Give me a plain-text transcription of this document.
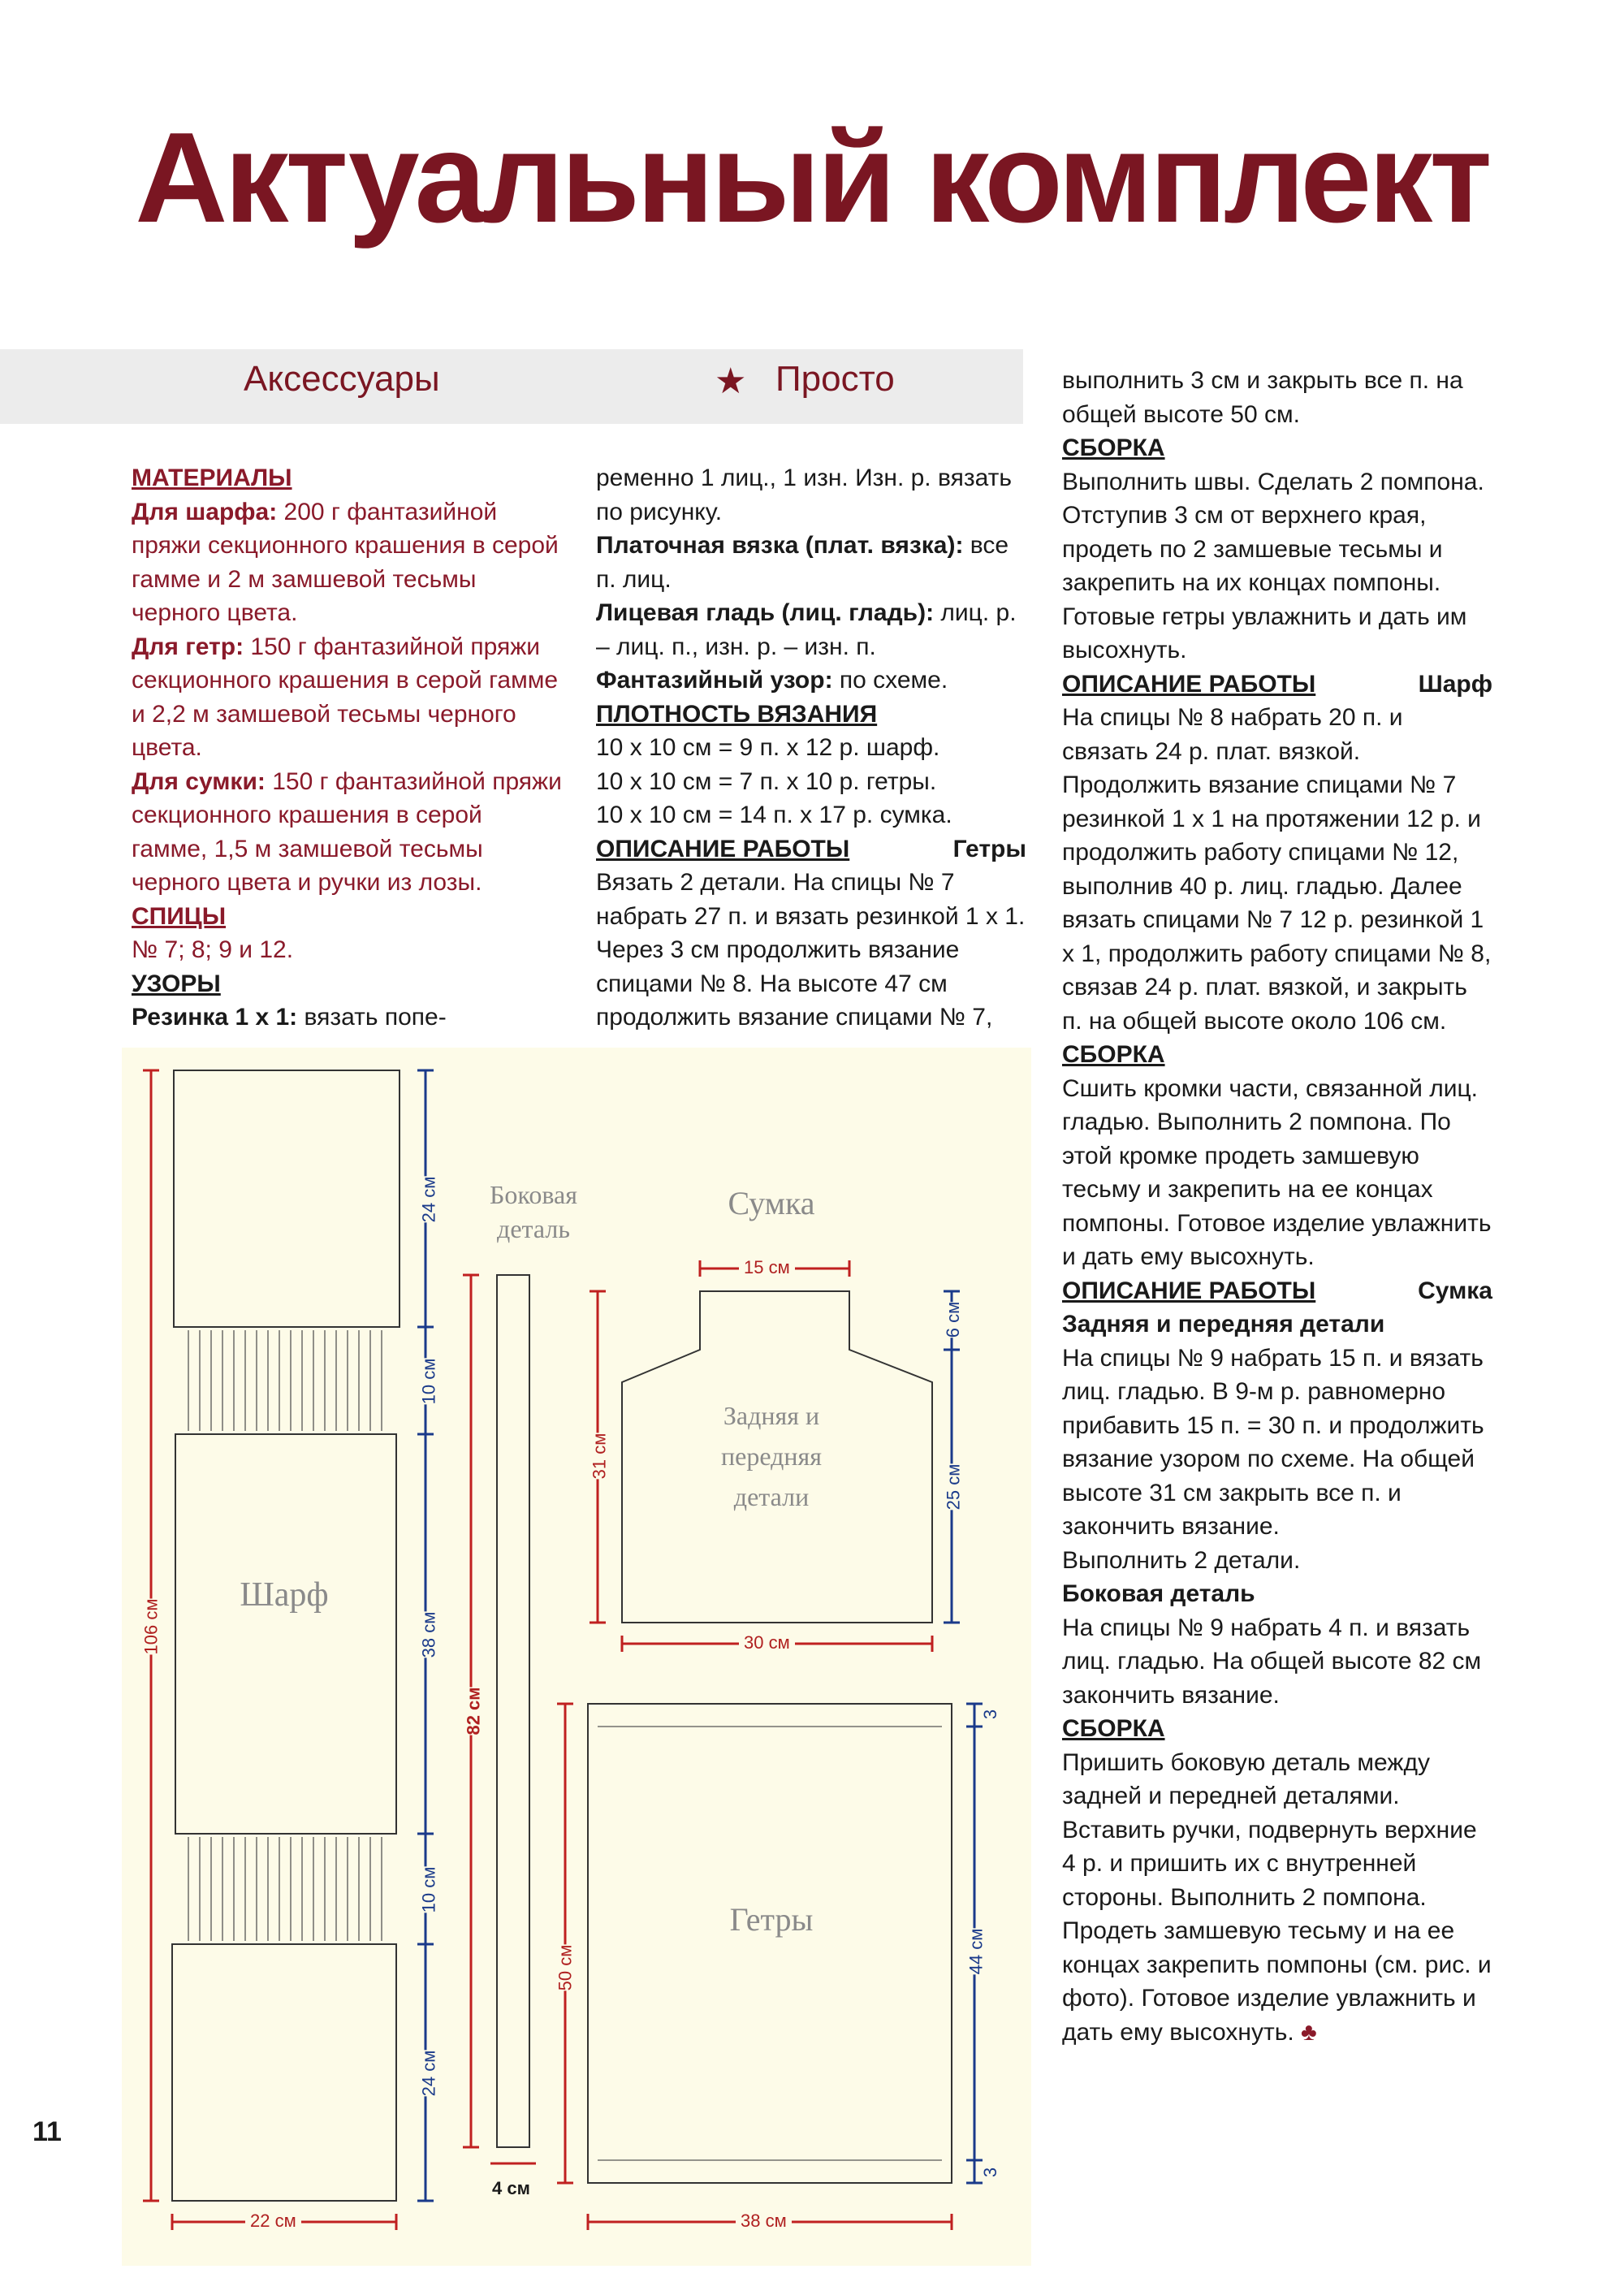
Актуальный комплект
Аксессуары	★ Просто

МАТЕРИАЛЫ

Для шарфа: 200 г фантазийной пряжи секционного крашения в серой гамме и 2 м замшевой тесьмы черного цвета.

Для гетр: 150 г фантазийной пряжи секционного крашения в серой гамме и 2,2 м замшевой тесьмы черного цвета.

Для сумки: 150 г фантазийной пряжи секционного крашения в серой гамме, 1,5 м замшевой тесьмы черного цвета и ручки из лозы.

СПИЦЫ

№ 7; 8; 9 и 12.

УЗОРЫ

Резинка 1 х 1: вязать попе-

ременно 1 лиц., 1 изн. Изн. р. вязать по рисунку.

Платочная вязка (плат. вязка): все п. лиц.

Лицевая гладь (лиц. гладь): лиц. р. – лиц. п., изн. р. – изн. п.

Фантазийный узор: по схеме.

ПЛОТНОСТЬ ВЯЗАНИЯ

10 x 10 см = 9 п. х 12 р. шарф.

10 x 10 см = 7 п. х 10 р. гетры.

10 x 10 см = 14 п. х 17 р. сумка.

ОПИСАНИЕ РАБОТЫ	Гетры

Вязать 2 детали. На спицы № 7 набрать 27 п. и вязать резинкой 1 х 1. Через 3 см продолжить вязание спицами № 8. На высоте 47 см продолжить вязание спицами № 7,

выполнить 3 см и закрыть все п. на общей высоте 50 см.

СБОРКА

Выполнить швы. Сделать 2 помпона. Отступив 3 см от верхнего края, продеть по 2 замшевые тесьмы и закрепить на их концах помпоны. Готовые гетры увлажнить и дать им высохнуть.

ОПИСАНИЕ РАБОТЫ	Шарф

На спицы № 8 набрать 20 п. и связать 24 р. плат. вязкой. Продолжить вязание спицами № 7 резинкой 1 х 1 на протяжении 12 р. и продолжить работу спицами № 12, выполнив 40 р. лиц. гладью. Далее вязать спицами № 7 12 р. резинкой 1 х 1, продолжить работу спицами № 8, связав 24 р. плат. вязкой, и закрыть п. на общей высоте около 106 см.

СБОРКА

Сшить кромки части, связанной лиц. гладью. Выполнить 2 помпона. По этой кромке продеть замшевую тесьму и закрепить на ее концах помпоны. Готовое изделие увлажнить и дать ему высохнуть.

ОПИСАНИЕ РАБОТЫ	Сумка

Задняя и передняя детали

На спицы № 9 набрать 15 п. и вязать лиц. гладью. В 9-м р. равномерно прибавить 15 п. = 30 п. и продолжить вязание узором по схеме. На общей высоте 31 см закрыть все п. и закончить вязание.

Выполнить 2 детали.

Боковая деталь

На спицы № 9 набрать 4 п. и вязать лиц. гладью. На общей высоте 82 см закончить вязание.

СБОРКА

Пришить боковую деталь между задней и передней деталями. Вставить ручки, подвернуть верхние 4 р. и пришить их с внутренней стороны. Выполнить 2 помпона. Продеть замшевую тесьму и на ее концах закрепить помпоны (см. рис. и фото). Готовое изделие увлажнить и дать ему высохнуть. ♣

11
Шарф
Боковая деталь
Сумка
Задняя и передняя детали
Гетры
22 см
4 см
15 см
30 см
38 см
106 см
24 см
10 см
38 см
10 см
24 см
82 см
31 см
6 см
25 см
50 см
3
44 см
3
